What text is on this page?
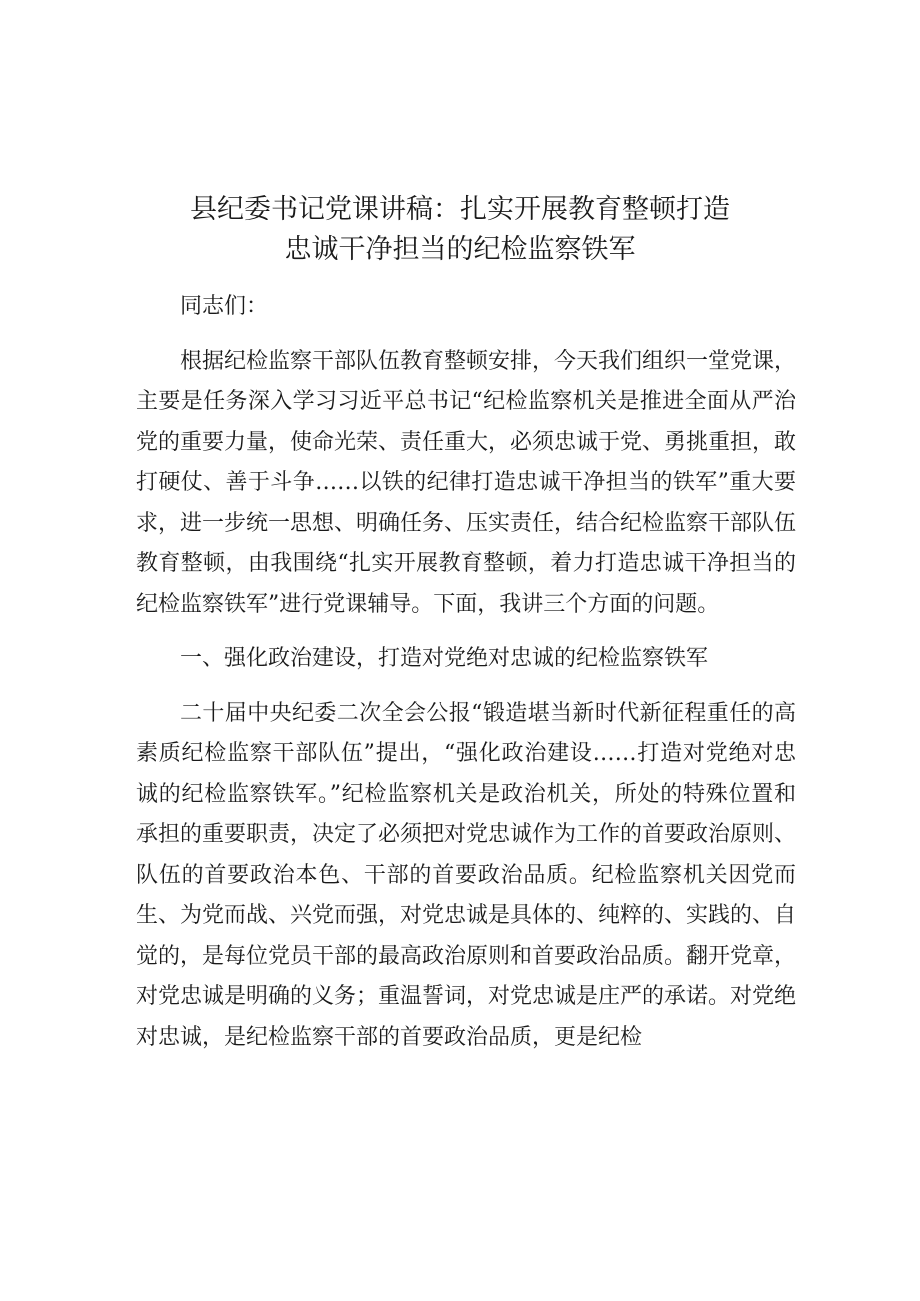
县纪委书记党课讲稿：扎实开展教育整顿打造
忠诚干净担当的纪检监察铁军

同志们：

根据纪检监察干部队伍教育整顿安排，今天我们组织一堂党课，主要是任务深入学习习近平总书记“纪检监察机关是推进全面从严治党的重要力量，使命光荣、责任重大，必须忠诚于党、勇挑重担，敢打硬仗、善于斗争……以铁的纪律打造忠诚干净担当的铁军”重大要求，进一步统一思想、明确任务、压实责任，结合纪检监察干部队伍教育整顿，由我围绕“扎实开展教育整顿，着力打造忠诚干净担当的纪检监察铁军”进行党课辅导。下面，我讲三个方面的问题。

一、强化政治建设，打造对党绝对忠诚的纪检监察铁军

二十届中央纪委二次全会公报“锻造堪当新时代新征程重任的高素质纪检监察干部队伍”提出，“强化政治建设……打造对党绝对忠诚的纪检监察铁军。”纪检监察机关是政治机关，所处的特殊位置和承担的重要职责，决定了必须把对党忠诚作为工作的首要政治原则、队伍的首要政治本色、干部的首要政治品质。纪检监察机关因党而生、为党而战、兴党而强，对党忠诚是具体的、纯粹的、实践的、自觉的，是每位党员干部的最高政治原则和首要政治品质。翻开党章，对党忠诚是明确的义务；重温誓词，对党忠诚是庄严的承诺。对党绝对忠诚，是纪检监察干部的首要政治品质，更是纪检
